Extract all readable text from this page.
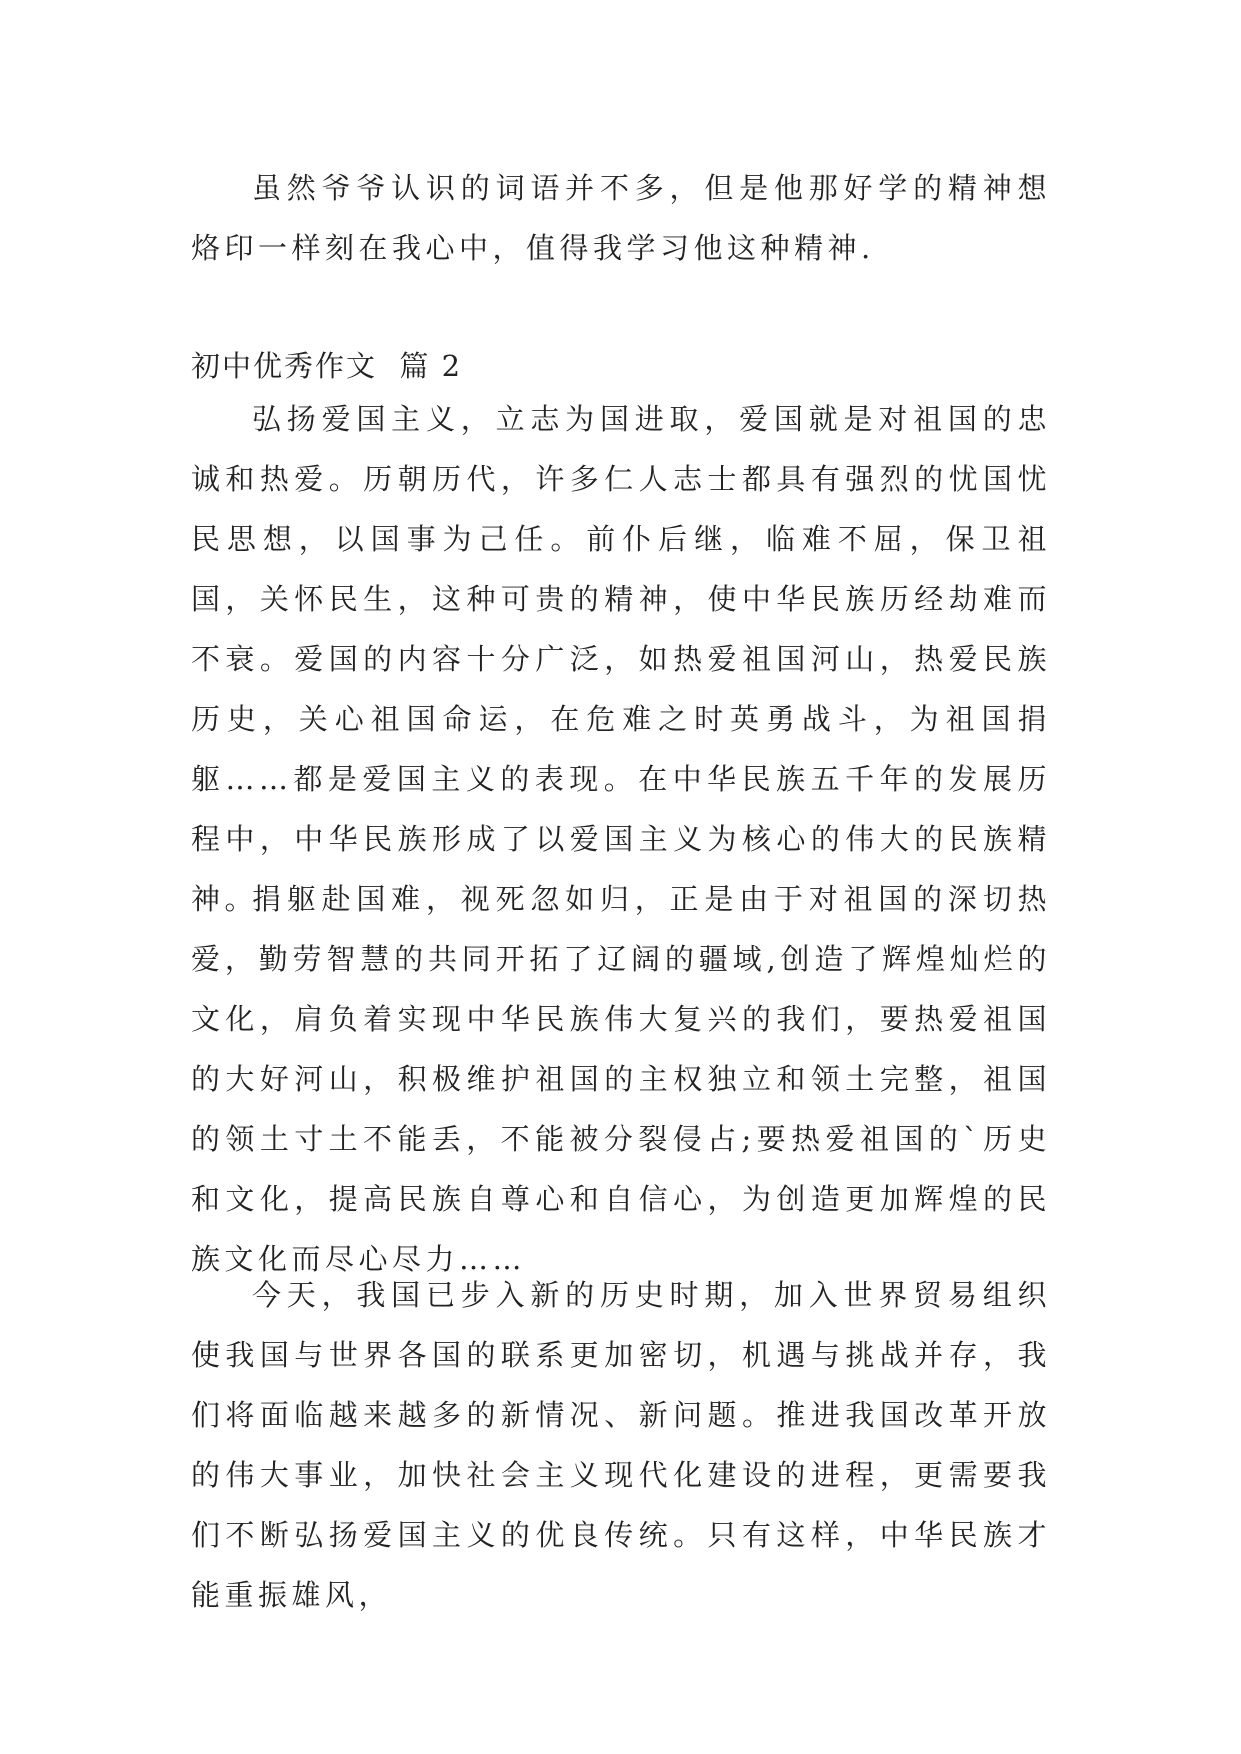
虽然爷爷认识的词语并不多，但是他那好学的精神想烙印一样刻在我心中，值得我学习他这种精神.

初中优秀作文  篇 2

弘扬爱国主义，立志为国进取，爱国就是对祖国的忠诚和热爱。历朝历代，许多仁人志士都具有强烈的忧国忧民思想，以国事为己任。前仆后继，临难不屈，保卫祖国，关怀民生，这种可贵的精神，使中华民族历经劫难而不衰。爱国的内容十分广泛，如热爱祖国河山，热爱民族历史，关心祖国命运，在危难之时英勇战斗，为祖国捐躯……都是爱国主义的表现。在中华民族五千年的发展历程中，中华民族形成了以爱国主义为核心的伟大的民族精神。

捐躯赴国难，视死忽如归，正是由于对祖国的深切热爱，勤劳智慧的共同开拓了辽阔的疆域,创造了辉煌灿烂的文化，肩负着实现中华民族伟大复兴的我们，要热爱祖国的大好河山，积极维护祖国的主权独立和领土完整，祖国的领土寸土不能丢，不能被分裂侵占;要热爱祖国的`历史和文化，提高民族自尊心和自信心，为创造更加辉煌的民族文化而尽心尽力……

今天，我国已步入新的历史时期，加入世界贸易组织使我国与世界各国的联系更加密切，机遇与挑战并存，我们将面临越来越多的新情况、新问题。推进我国改革开放的伟大事业，加快社会主义现代化建设的进程，更需要我们不断弘扬爱国主义的优良传统。只有这样，中华民族才能重振雄风，
